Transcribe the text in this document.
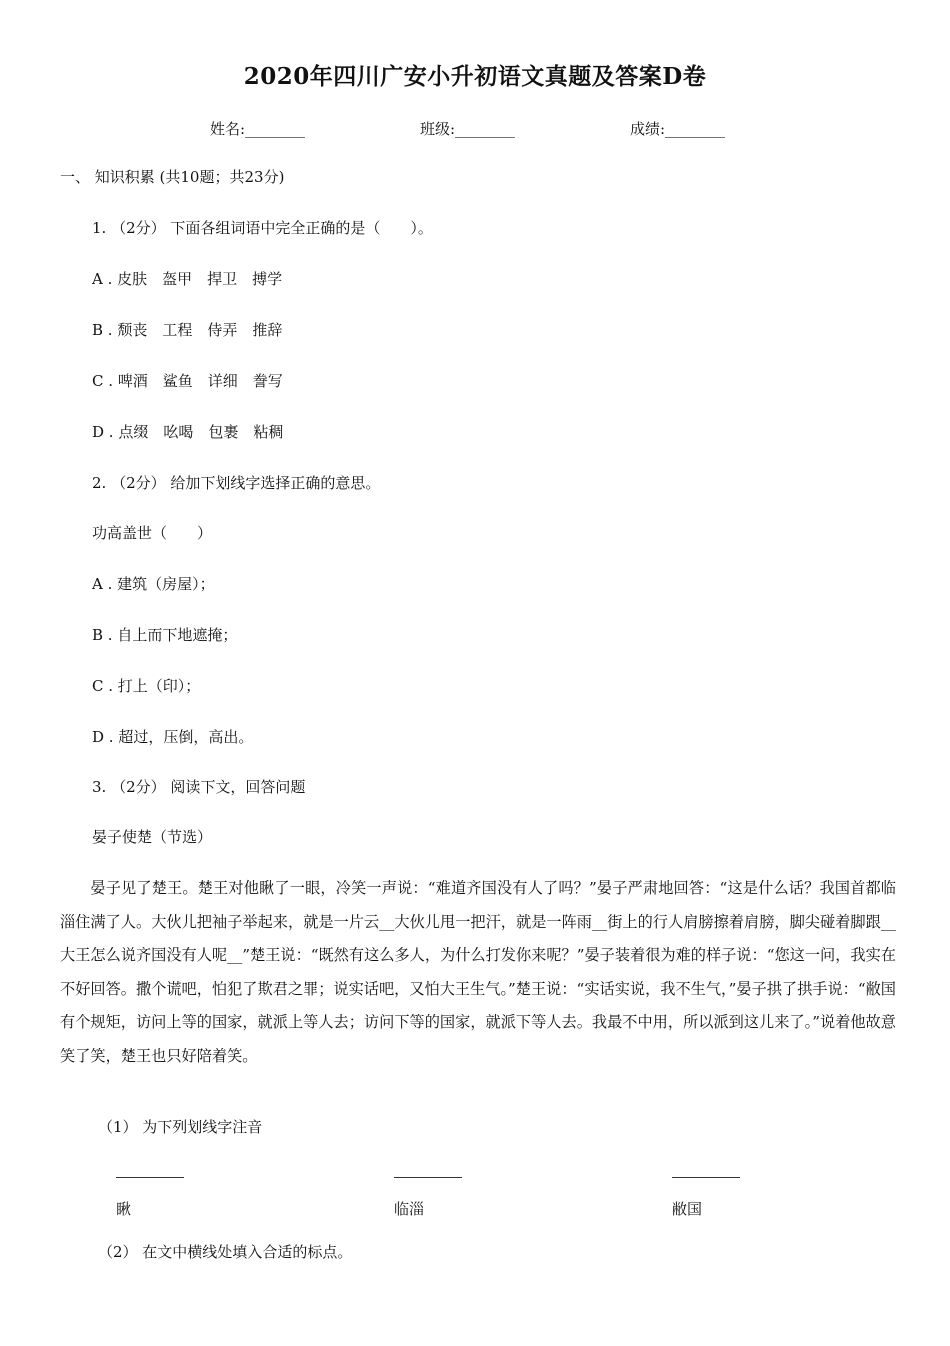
2020年四川广安小升初语文真题及答案D卷
姓名:________	班级:________	成绩:________
一、 知识积累 (共10题；共23分)
1. （2分） 下面各组词语中完全正确的是（　　）。
A . 皮肤　盔甲　捍卫　搏学
B . 颓丧　工程　侍弄　推辞
C . 啤酒　鲨鱼　详细　誊写
D . 点缀　吆喝　包裹　粘稠
2. （2分） 给加下划线字选择正确的意思。
功高盖世（　　）
A . 建筑（房屋）；
B . 自上而下地遮掩；
C . 打上（印）；
D . 超过，压倒，高出。
3. （2分） 阅读下文，回答问题
晏子使楚（节选）

晏子见了楚王。楚王对他瞅了一眼，冷笑一声说：“难道齐国没有人了吗？”晏子严肃地回答：“这是什么话？我国首都临淄住满了人。大伙儿把袖子举起来，就是一片云__大伙儿甩一把汗，就是一阵雨__街上的行人肩膀擦着肩膀，脚尖碰着脚跟__大王怎么说齐国没有人呢__”楚王说：“既然有这么多人，为什么打发你来呢？”晏子装着很为难的样子说：“您这一问，我实在不好回答。撒个谎吧，怕犯了欺君之罪；说实话吧，又怕大王生气。”楚王说：“实话实说，我不生气，”晏子拱了拱手说：“敝国有个规矩，访问上等的国家，就派上等人去；访问下等的国家，就派下等人去。我最不中用，所以派到这儿来了。”说着他故意笑了笑，楚王也只好陪着笑。

（1） 为下列划线字注音
瞅	临淄	敝国
（2） 在文中横线处填入合适的标点。
